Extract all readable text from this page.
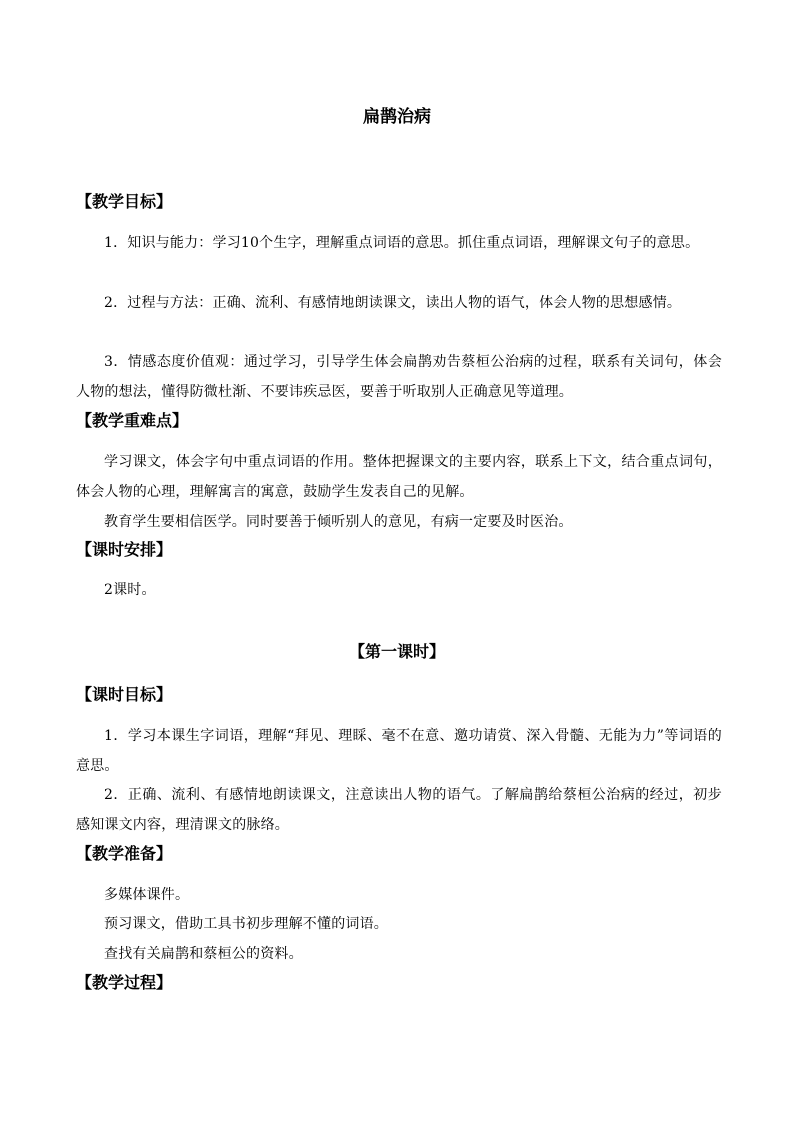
扁鹊治病
【教学目标】
1．知识与能力：学习10个生字，理解重点词语的意思。抓住重点词语，理解课文句子的意思。
2．过程与方法：正确、流利、有感情地朗读课文，读出人物的语气，体会人物的思想感情。
3．情感态度价值观：通过学习，引导学生体会扁鹊劝告蔡桓公治病的过程，联系有关词句，体会人物的想法，懂得防微杜渐、不要讳疾忌医，要善于听取别人正确意见等道理。
【教学重难点】
学习课文，体会字句中重点词语的作用。整体把握课文的主要内容，联系上下文，结合重点词句，体会人物的心理，理解寓言的寓意，鼓励学生发表自己的见解。
教育学生要相信医学。同时要善于倾听别人的意见，有病一定要及时医治。
【课时安排】
2课时。
【第一课时】
【课时目标】
1．学习本课生字词语，理解“拜见、理睬、毫不在意、邀功请赏、深入骨髓、无能为力”等词语的意思。
2．正确、流利、有感情地朗读课文，注意读出人物的语气。了解扁鹊给蔡桓公治病的经过，初步感知课文内容，理清课文的脉络。
【教学准备】
多媒体课件。
预习课文，借助工具书初步理解不懂的词语。
查找有关扁鹊和蔡桓公的资料。
【教学过程】
